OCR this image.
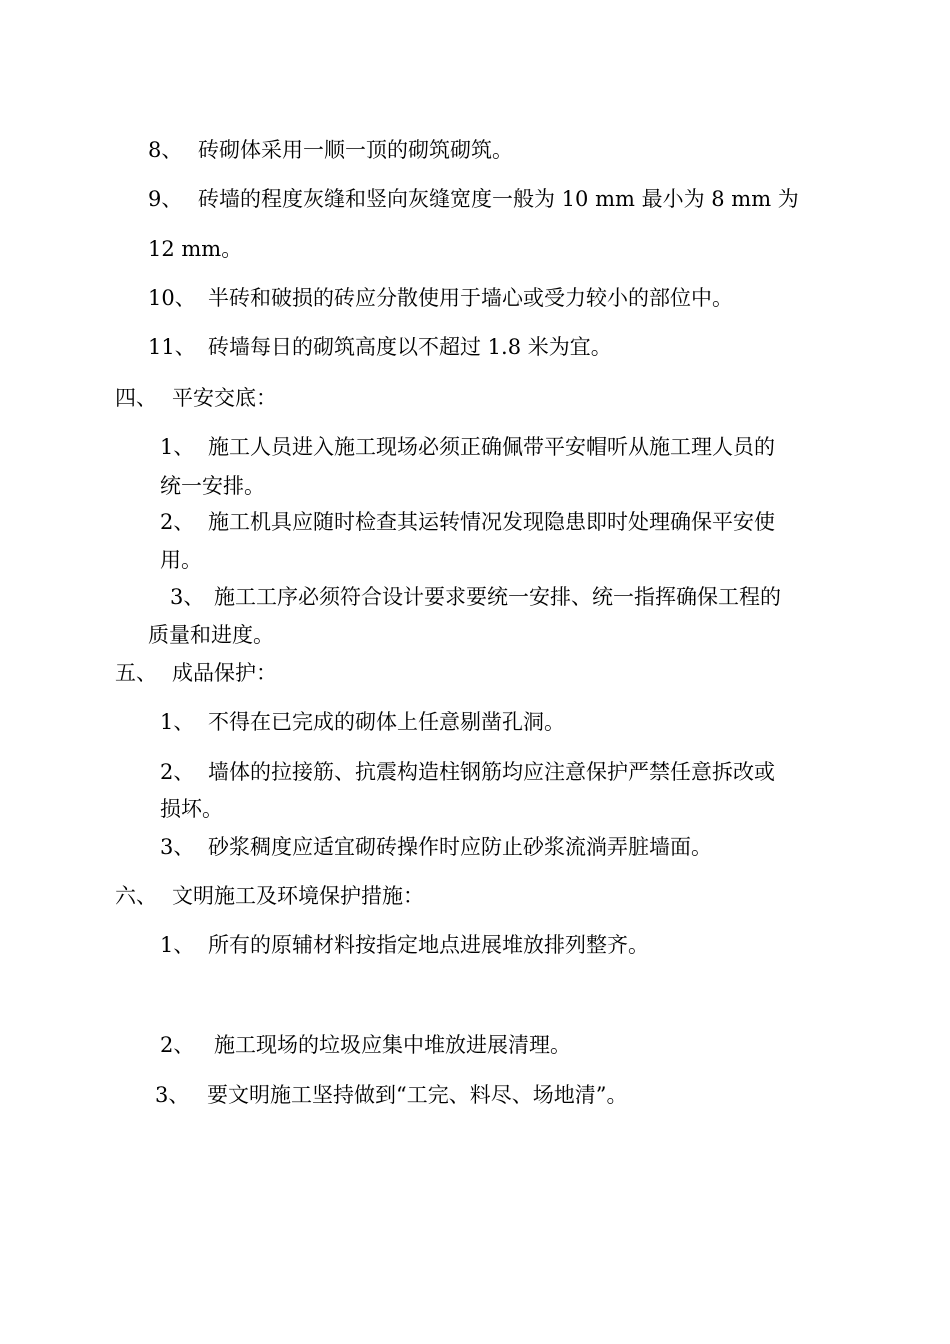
8、 砖砌体采用一顺一顶的砌筑砌筑。
9、 砖墙的程度灰缝和竖向灰缝宽度一般为 10 mm 最小为 8 mm 为
12 mm。
10、 半砖和破损的砖应分散使用于墙心或受力较小的部位中。
11、 砖墙每日的砌筑高度以不超过 1.8 米为宜。
四、 平安交底：
1、 施工人员进入施工现场必须正确佩带平安帽听从施工理人员的
统一安排。
2、 施工机具应随时检查其运转情况发现隐患即时处理确保平安使
用。
3、 施工工序必须符合设计要求要统一安排、统一指挥确保工程的
质量和进度。
五、 成品保护：
1、 不得在已完成的砌体上任意剔凿孔洞。
2、 墙体的拉接筋、抗震构造柱钢筋均应注意保护严禁任意拆改或
损坏。
3、 砂浆稠度应适宜砌砖操作时应防止砂浆流淌弄脏墙面。
六、 文明施工及环境保护措施：
1、 所有的原辅材料按指定地点进展堆放排列整齐。
2、 施工现场的垃圾应集中堆放进展清理。
3、 要文明施工坚持做到“工完、料尽、场地清”。
